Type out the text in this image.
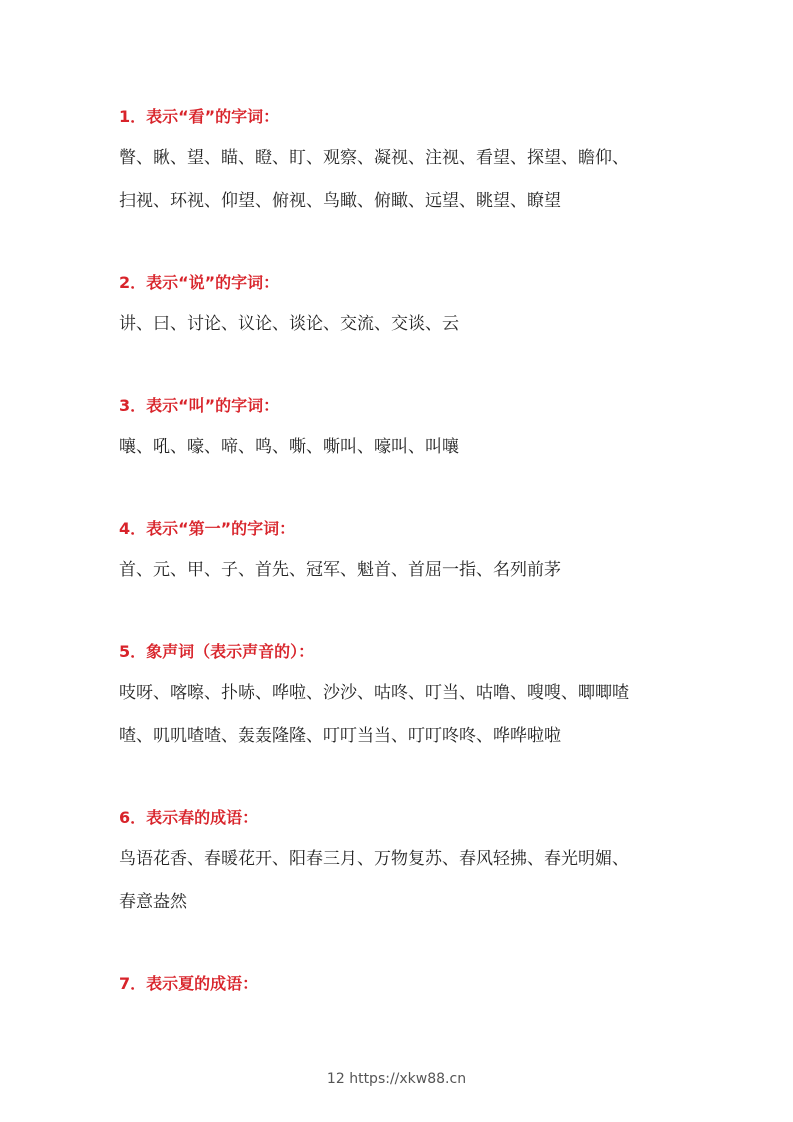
1．表示“看”的字词：
瞥、瞅、望、瞄、瞪、盯、观察、凝视、注视、看望、探望、瞻仰、
扫视、环视、仰望、俯视、鸟瞰、俯瞰、远望、眺望、瞭望
2．表示“说”的字词：
讲、曰、讨论、议论、谈论、交流、交谈、云
3．表示“叫”的字词：
嚷、吼、嚎、啼、鸣、嘶、嘶叫、嚎叫、叫嚷
4．表示“第一”的字词：
首、元、甲、子、首先、冠军、魁首、首屈一指、名列前茅
5．象声词（表示声音的）：
吱呀、喀嚓、扑哧、哗啦、沙沙、咕咚、叮当、咕噜、嗖嗖、唧唧喳
喳、叽叽喳喳、轰轰隆隆、叮叮当当、叮叮咚咚、哗哗啦啦
6．表示春的成语：
鸟语花香、春暖花开、阳春三月、万物复苏、春风轻拂、春光明媚、
春意盎然
7．表示夏的成语：
12 https://xkw88.cn
